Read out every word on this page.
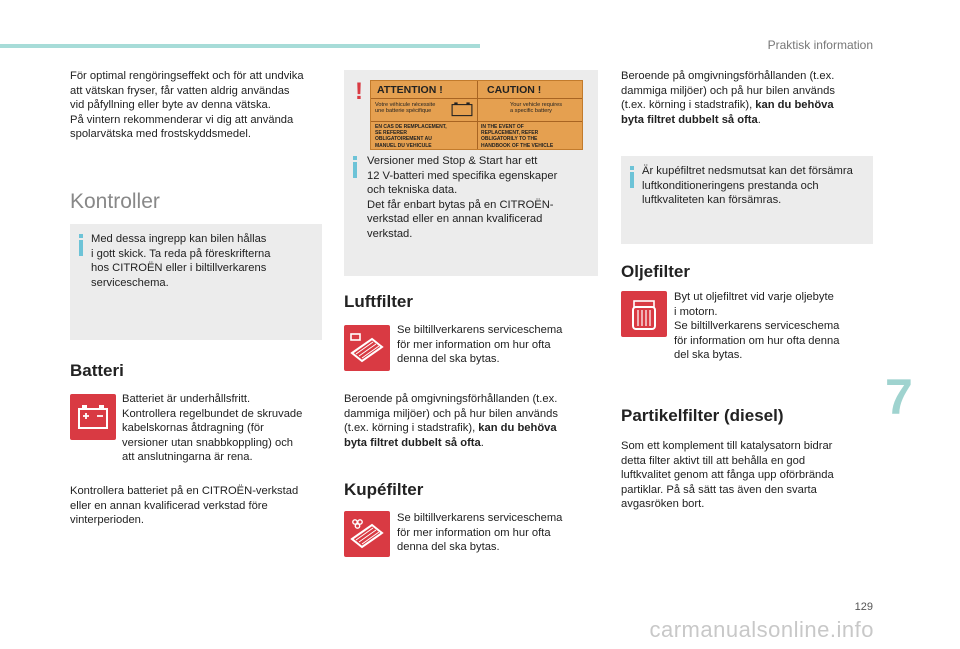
Praktisk information
För optimal rengöringseffekt och för att undvika
att vätskan fryser, får vatten aldrig användas
vid påfyllning eller byte av denna vätska.
På vintern rekommenderar vi dig att använda
spolarvätska med frostskyddsmedel.
Kontroller
Med dessa ingrepp kan bilen hållas
i gott skick. Ta reda på föreskrifterna
hos CITROËN eller i biltillverkarens
serviceschema.
Batteri
Batteriet är underhållsfritt.
Kontrollera regelbundet de skruvade
kabelskornas åtdragning (för
versioner utan snabbkoppling) och
att anslutningarna är rena.
Kontrollera batteriet på en CITROËN-verkstad
eller en annan kvalificerad verkstad före
vinterperioden.
! ATTENTION !	CAUTION !
Votre véhicule nécessite
une batterie spécifique
Your vehicle requires
a specific battery
EN CAS DE REMPLACEMENT,
SE REFERER
OBLIGATOIREMENT AU
MANUEL DU VEHICULE
IN THE EVENT OF
REPLACEMENT, REFER
OBLIGATORILY TO THE
HANDBOOK OF THE VEHICLE
Versioner med Stop & Start har ett
12 V-batteri med specifika egenskaper
och tekniska data.
Det får enbart bytas på en CITROËN-
verkstad eller en annan kvalificerad
verkstad.
Luftfilter
Se biltillverkarens serviceschema
för mer information om hur ofta
denna del ska bytas.
Beroende på omgivningsförhållanden (t.ex.
dammiga miljöer) och på hur bilen används
(t.ex. körning i stadstrafik), kan du behöva
byta filtret dubbelt så ofta.
Kupéfilter
Se biltillverkarens serviceschema
för mer information om hur ofta
denna del ska bytas.
Beroende på omgivningsförhållanden (t.ex.
dammiga miljöer) och på hur bilen används
(t.ex. körning i stadstrafik), kan du behöva
byta filtret dubbelt så ofta.
Är kupéfiltret nedsmutsat kan det försämra
luftkonditioneringens prestanda och
luftkvaliteten kan försämras.
Oljefilter
Byt ut oljefiltret vid varje oljebyte
i motorn.
Se biltillverkarens serviceschema
för information om hur ofta denna
del ska bytas.
Partikelfilter (diesel)
Som ett komplement till katalysatorn bidrar
detta filter aktivt till att behålla en god
luftkvalitet genom att fånga upp oförbrända
partiklar. På så sätt tas även den svarta
avgasröken bort.
7
129
carmanualsonline.info
